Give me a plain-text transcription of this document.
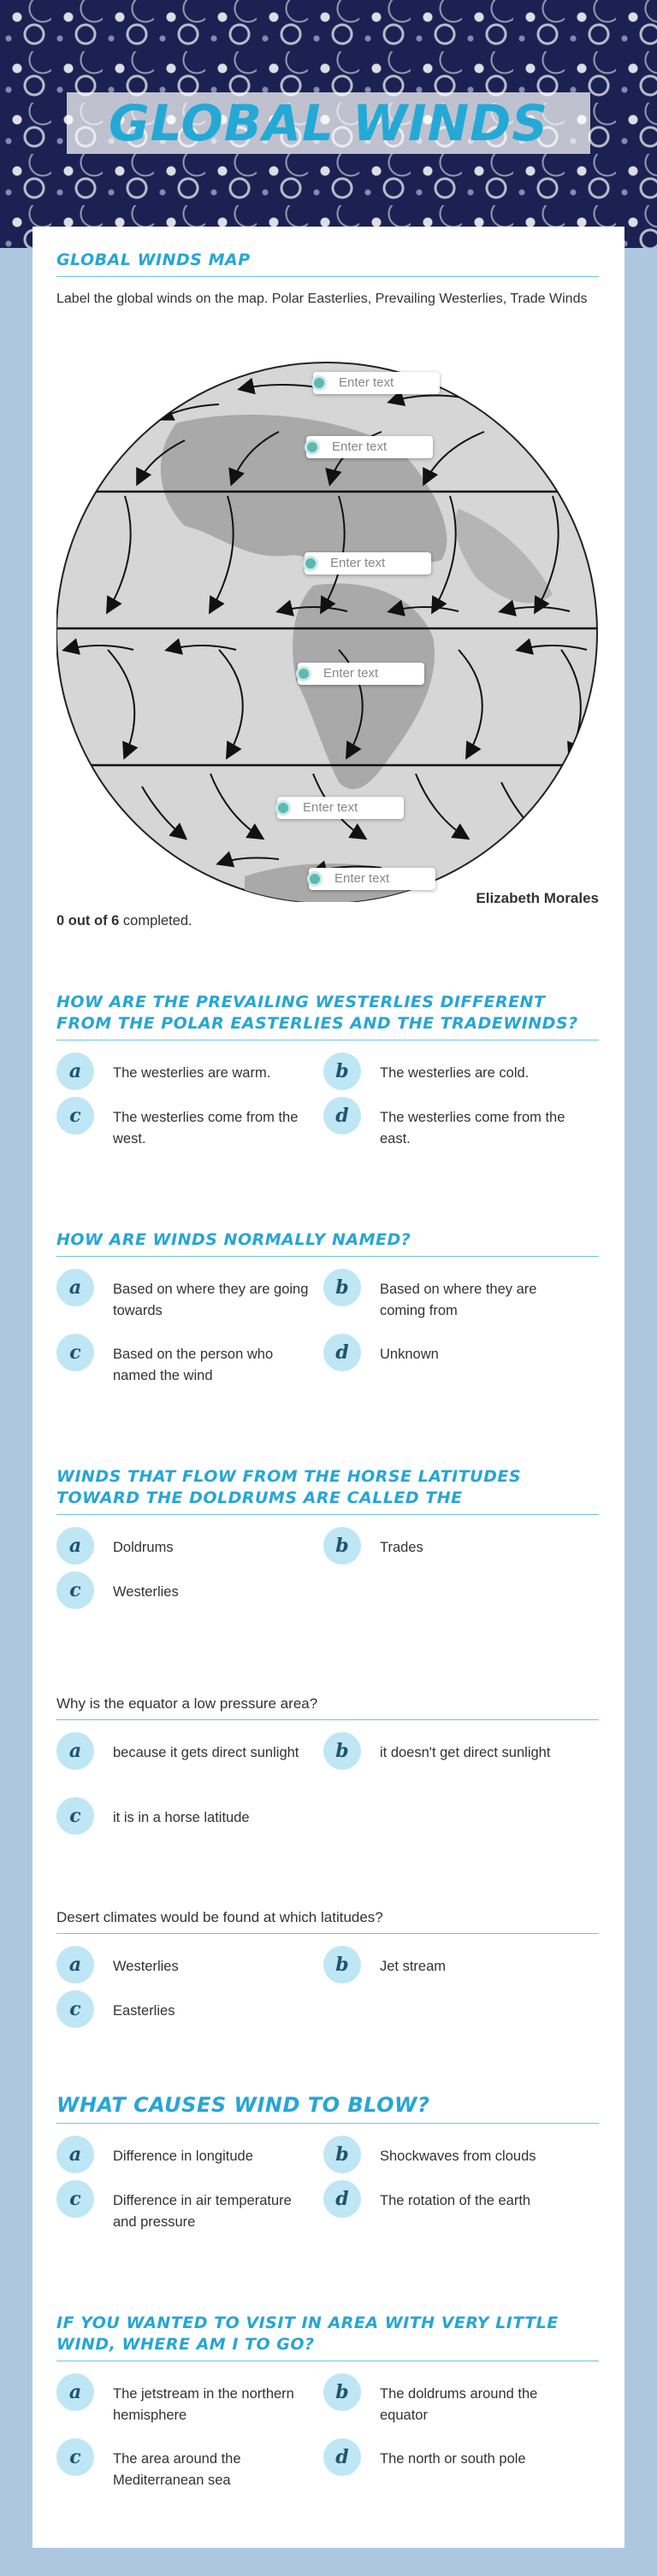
GLOBAL WINDS
GLOBAL WINDS MAP
Label the global winds on the map. Polar Easterlies, Prevailing Westerlies, Trade Winds
Enter text
Enter text
Enter text
Enter text
Enter text
Enter text
Elizabeth Morales
0 out of 6 completed.
HOW ARE THE PREVAILING WESTERLIES DIFFERENT FROM THE POLAR EASTERLIES AND THE TRADEWINDS?
a	The westerlies are warm.	b	The westerlies are cold.
c	The westerlies come from the west.
d	The westerlies come from the east.
HOW ARE WINDS NORMALLY NAMED?
a	Based on where they are going towards
b	Based on where they are coming from
c	Based on the person who named the wind
d	Unknown
WINDS THAT FLOW FROM THE HORSE LATITUDES TOWARD THE DOLDRUMS ARE CALLED THE
a	Doldrums	b	Trades
c	Westerlies
Why is the equator a low pressure area?
a	because it gets direct sunlight	b	it doesn't get direct sunlight
c	it is in a horse latitude
Desert climates would be found at which latitudes?
a	Westerlies	b	Jet stream
c	Easterlies
WHAT CAUSES WIND TO BLOW?
a	Difference in longitude	b	Shockwaves from clouds
c	Difference in air temperature and pressure
d	The rotation of the earth
IF YOU WANTED TO VISIT IN AREA WITH VERY LITTLE WIND, WHERE AM I TO GO?
a	The jetstream in the northern hemisphere
b	The doldrums around the equator
c	The area around the Mediterranean sea
d	The north or south pole
